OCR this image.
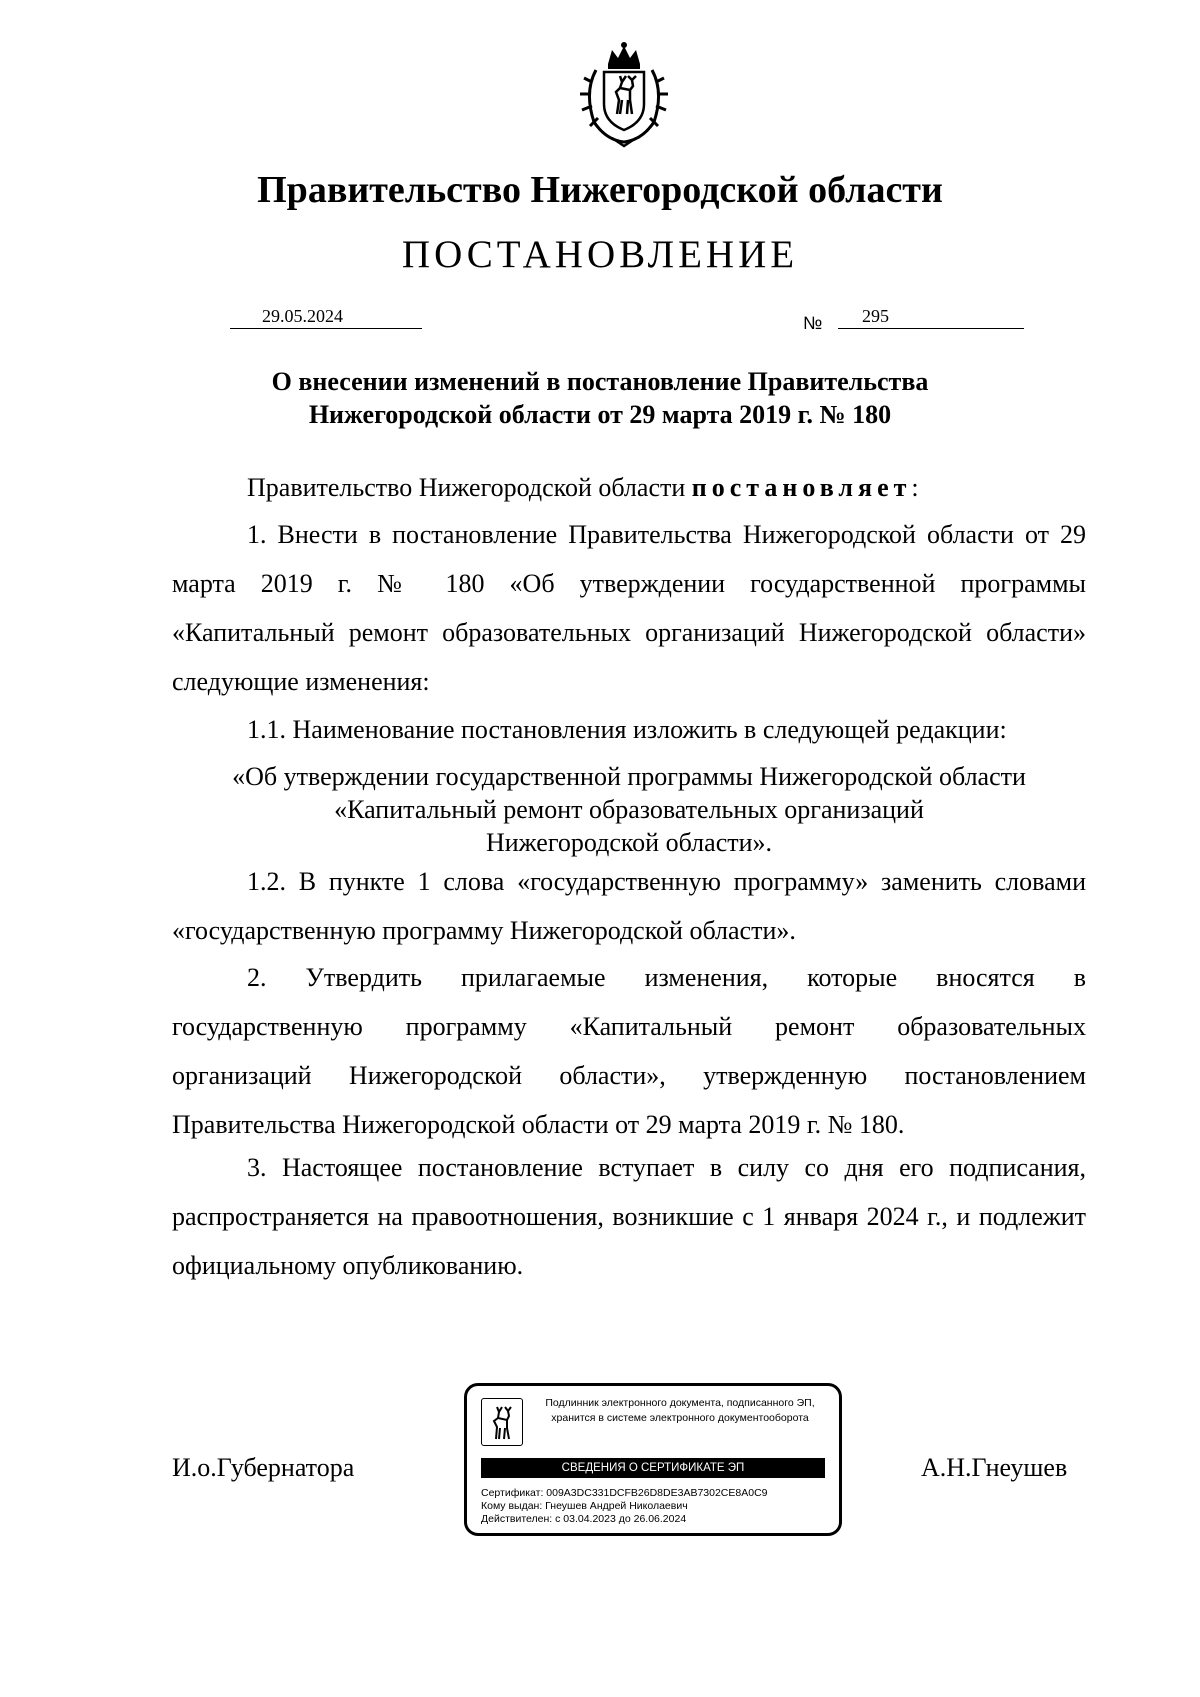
Правительство Нижегородской области
ПОСТАНОВЛЕНИЕ
29.05.2024	№ 295
О внесении изменений в постановление Правительства
Нижегородской области от 29 марта 2019 г. № 180
Правительство Нижегородской области постановляет:
1. Внести в постановление Правительства Нижегородской области от 29 марта 2019 г. № 180 «Об утверждении государственной программы «Капитальный ремонт образовательных организаций Нижегородской области» следующие изменения:
1.1. Наименование постановления изложить в следующей редакции:
«Об утверждении государственной программы Нижегородской области
«Капитальный ремонт образовательных организаций
Нижегородской области».
1.2. В пункте 1 слова «государственную программу» заменить словами «государственную программу Нижегородской области».
2. Утвердить прилагаемые изменения, которые вносятся в государственную программу «Капитальный ремонт образовательных организаций Нижегородской области», утвержденную постановлением Правительства Нижегородской области от 29 марта 2019 г. № 180.
3. Настоящее постановление вступает в силу со дня его подписания, распространяется на правоотношения, возникшие с 1 января 2024 г., и подлежит официальному опубликованию.
И.о.Губернатора	А.Н.Гнеушев
Подлинник электронного документа, подписанного ЭП,
хранится в системе электронного документооборота
СВЕДЕНИЯ О СЕРТИФИКАТЕ ЭП
Сертификат: 009A3DC331DCFB26D8DE3AB7302CE8A0C9
Кому выдан: Гнеушев Андрей Николаевич
Действителен: с 03.04.2023 до 26.06.2024
